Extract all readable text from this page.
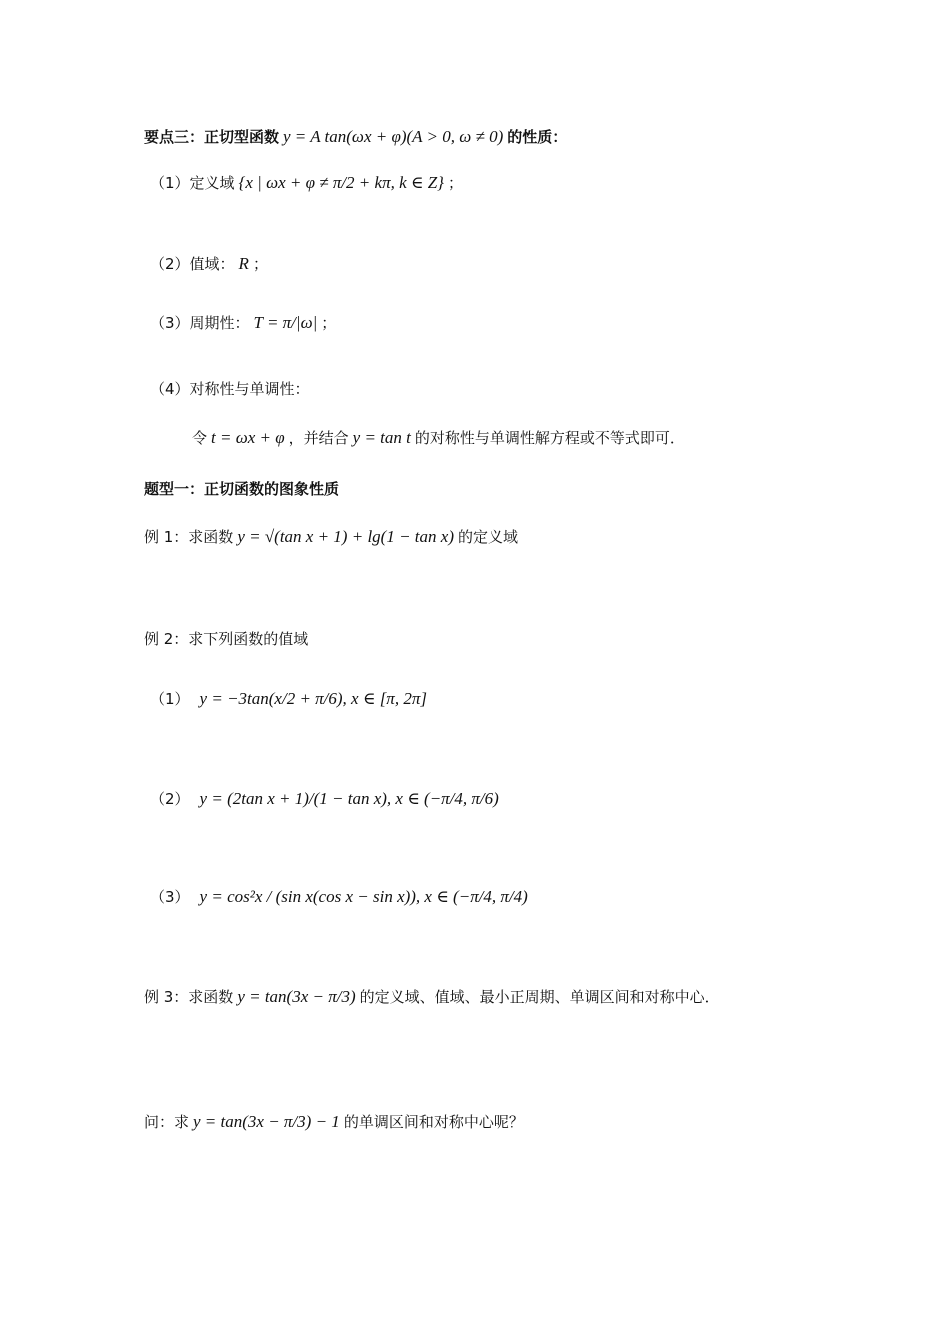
要点三：正切型函数 y = A tan(ωx + φ)(A > 0, ω ≠ 0) 的性质：
（1）定义域 {x | ωx + φ ≠ π/2 + kπ, k ∈ Z} ；
（2）值域： R ；
（3）周期性： T = π/|ω| ；
（4）对称性与单调性：
令 t = ωx + φ ，并结合 y = tan t 的对称性与单调性解方程或不等式即可．
题型一：正切函数的图象性质
例 1：求函数 y = √(tan x + 1) + lg(1 − tan x) 的定义域
例 2：求下列函数的值域
（1） y = −3tan(x/2 + π/6), x ∈ [π, 2π]
（2） y = (2tan x + 1)/(1 − tan x), x ∈ (−π/4, π/6)
（3） y = cos²x / (sin x(cos x − sin x)), x ∈ (−π/4, π/4)
例 3：求函数 y = tan(3x − π/3) 的定义域、值域、最小正周期、单调区间和对称中心．
问：求 y = tan(3x − π/3) − 1 的单调区间和对称中心呢？
